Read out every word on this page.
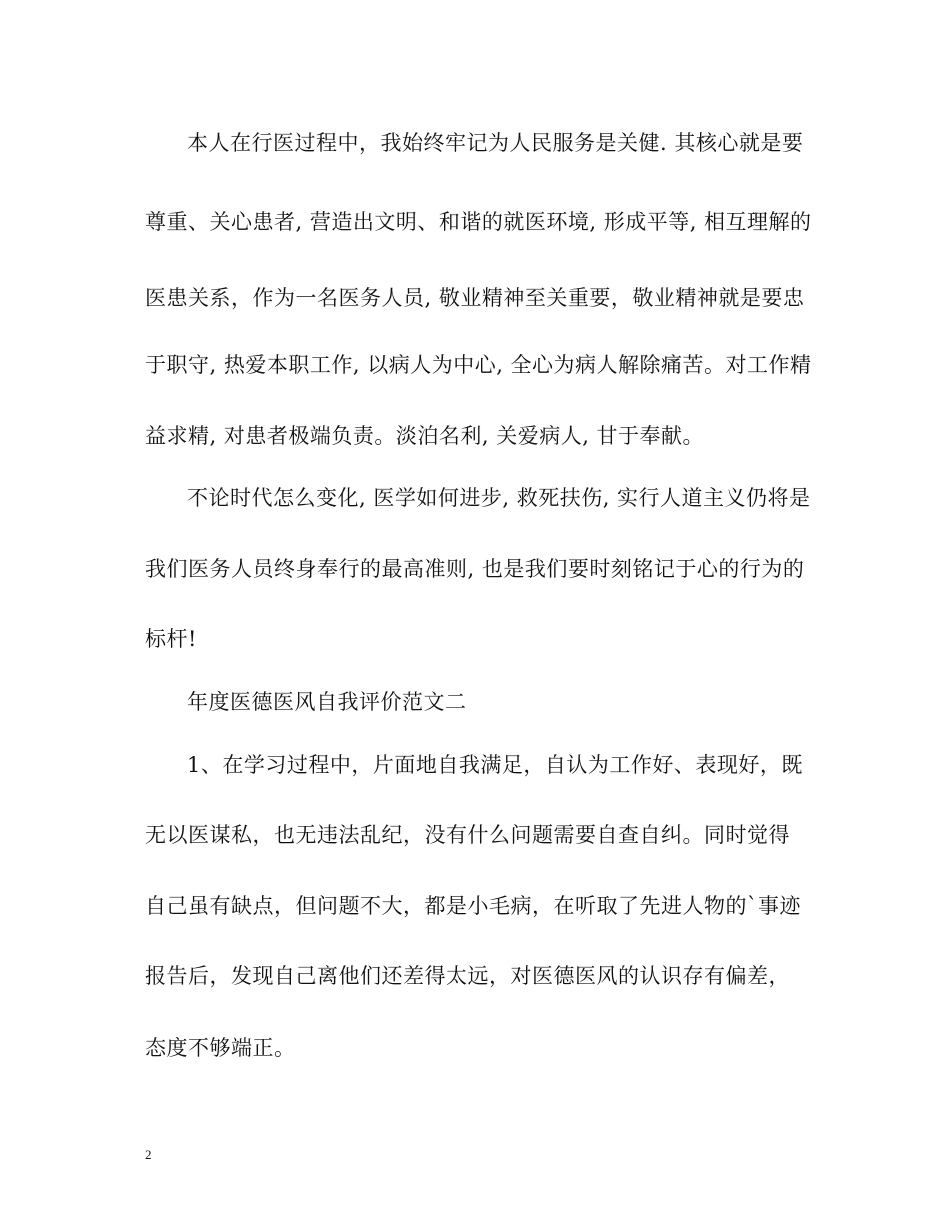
本人在行医过程中，我始终牢记为人民服务是关健. 其核心就是要
尊重、关心患者, 营造出文明、和谐的就医环境, 形成平等, 相互理解的
医患关系，作为一名医务人员, 敬业精神至关重要，敬业精神就是要忠
于职守, 热爱本职工作, 以病人为中心, 全心为病人解除痛苦。对工作精
益求精, 对患者极端负责。淡泊名利, 关爱病人, 甘于奉献。
不论时代怎么变化, 医学如何进步, 救死扶伤, 实行人道主义仍将是
我们医务人员终身奉行的最高准则, 也是我们要时刻铭记于心的行为的
标杆!
年度医德医风自我评价范文二
1、在学习过程中，片面地自我满足，自认为工作好、表现好，既
无以医谋私，也无违法乱纪，没有什么问题需要自查自纠。同时觉得
自己虽有缺点，但问题不大，都是小毛病，在听取了先进人物的`事迹
报告后，发现自己离他们还差得太远，对医德医风的认识存有偏差，
态度不够端正。
2
